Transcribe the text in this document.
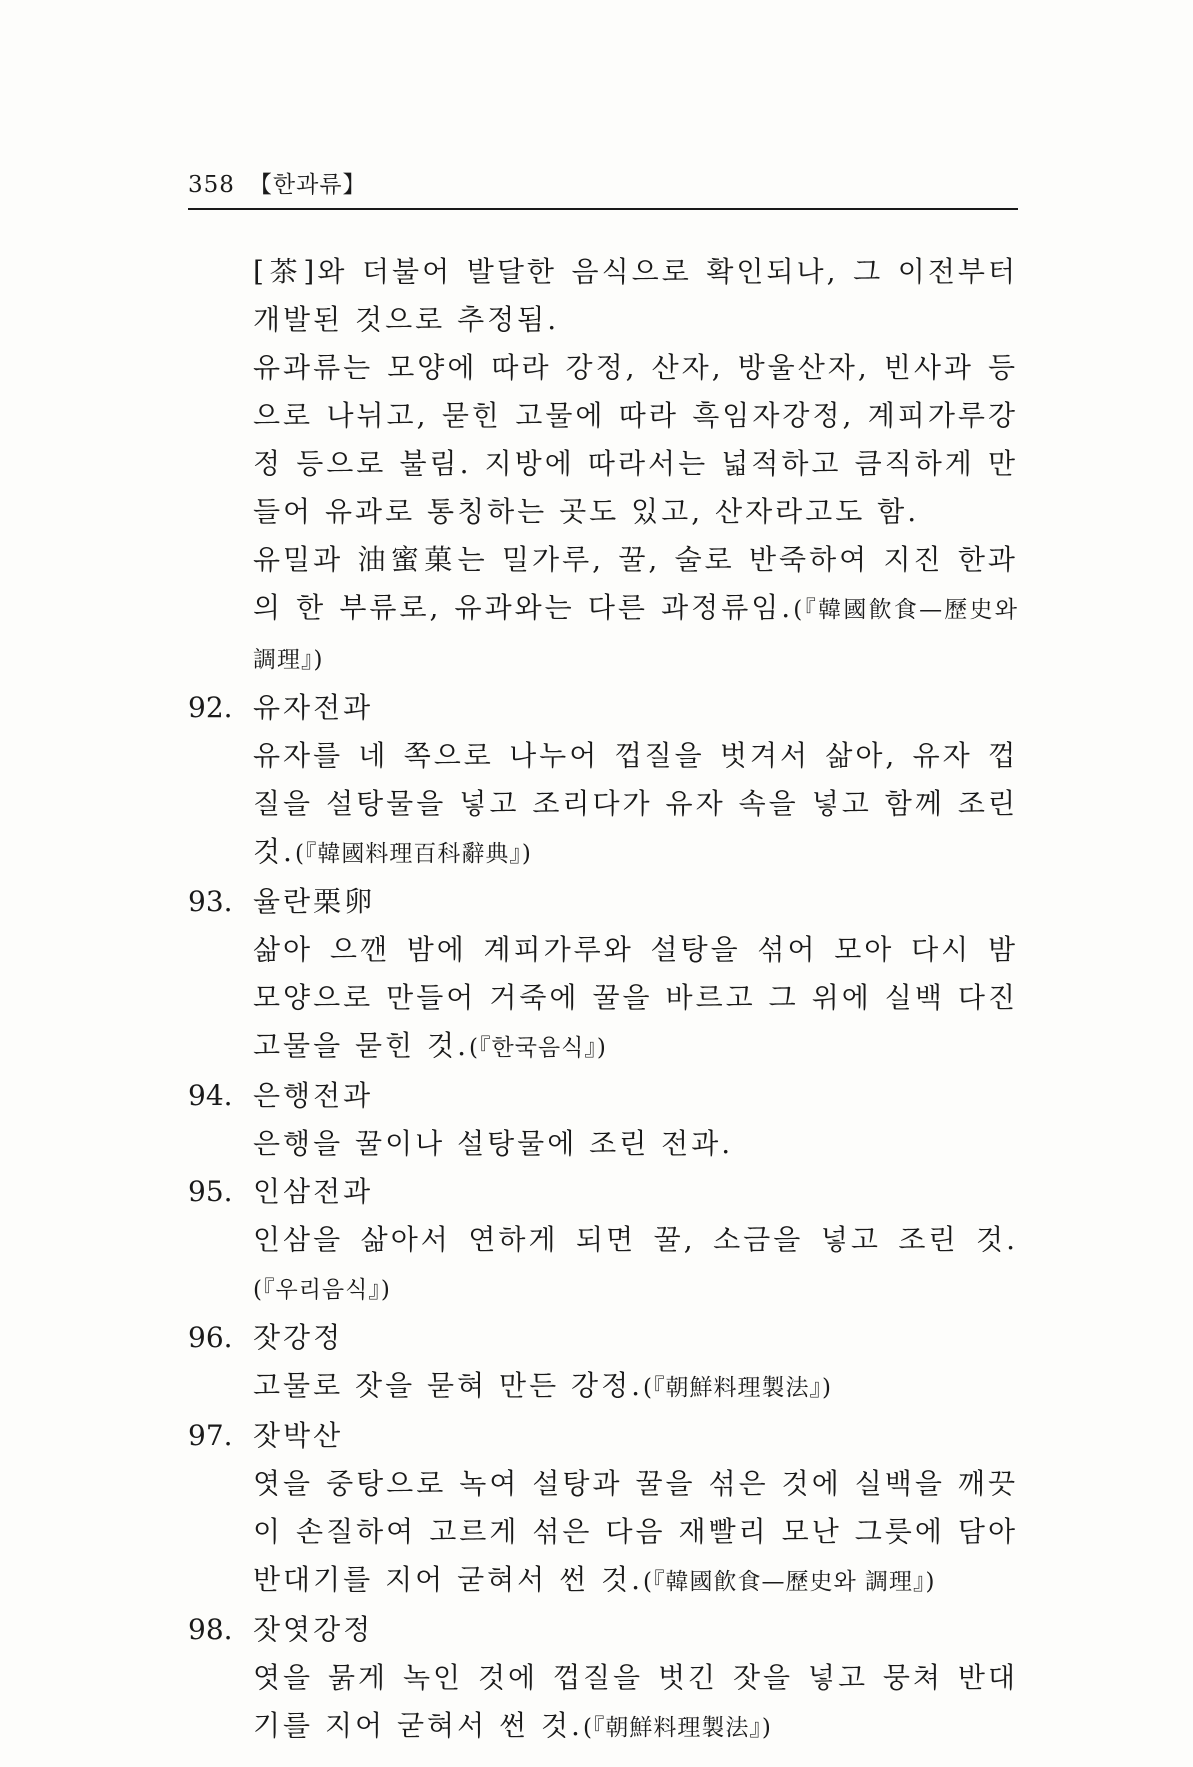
358 【한과류】

[茶]와 더불어 발달한 음식으로 확인되나, 그 이전부터 개발된 것으로 추정됨.

유과류는 모양에 따라 강정, 산자, 방울산자, 빈사과 등으로 나뉘고, 묻힌 고물에 따라 흑임자강정, 계피가루강정 등으로 불림. 지방에 따라서는 넓적하고 큼직하게 만들어 유과로 통칭하는 곳도 있고, 산자라고도 함.

유밀과 油蜜菓는 밀가루, 꿀, 술로 반죽하여 지진 한과의 한 부류로, 유과와는 다른 과정류임.(『韓國飮食—歷史와 調理』)

92. 유자전과

유자를 네 쪽으로 나누어 껍질을 벗겨서 삶아, 유자 껍질을 설탕물을 넣고 조리다가 유자 속을 넣고 함께 조린 것.(『韓國料理百科辭典』)

93. 율란栗卵

삶아 으깬 밤에 계피가루와 설탕을 섞어 모아 다시 밤 모양으로 만들어 거죽에 꿀을 바르고 그 위에 실백 다진 고물을 묻힌 것.(『한국음식』)

94. 은행전과

은행을 꿀이나 설탕물에 조린 전과.

95. 인삼전과

인삼을 삶아서 연하게 되면 꿀, 소금을 넣고 조린 것.(『우리음식』)

96. 잣강정

고물로 잣을 묻혀 만든 강정.(『朝鮮料理製法』)

97. 잣박산

엿을 중탕으로 녹여 설탕과 꿀을 섞은 것에 실백을 깨끗이 손질하여 고르게 섞은 다음 재빨리 모난 그릇에 담아 반대기를 지어 굳혀서 썬 것.(『韓國飮食—歷史와 調理』)

98. 잣엿강정

엿을 묽게 녹인 것에 껍질을 벗긴 잣을 넣고 뭉쳐 반대기를 지어 굳혀서 썬 것.(『朝鮮料理製法』)
